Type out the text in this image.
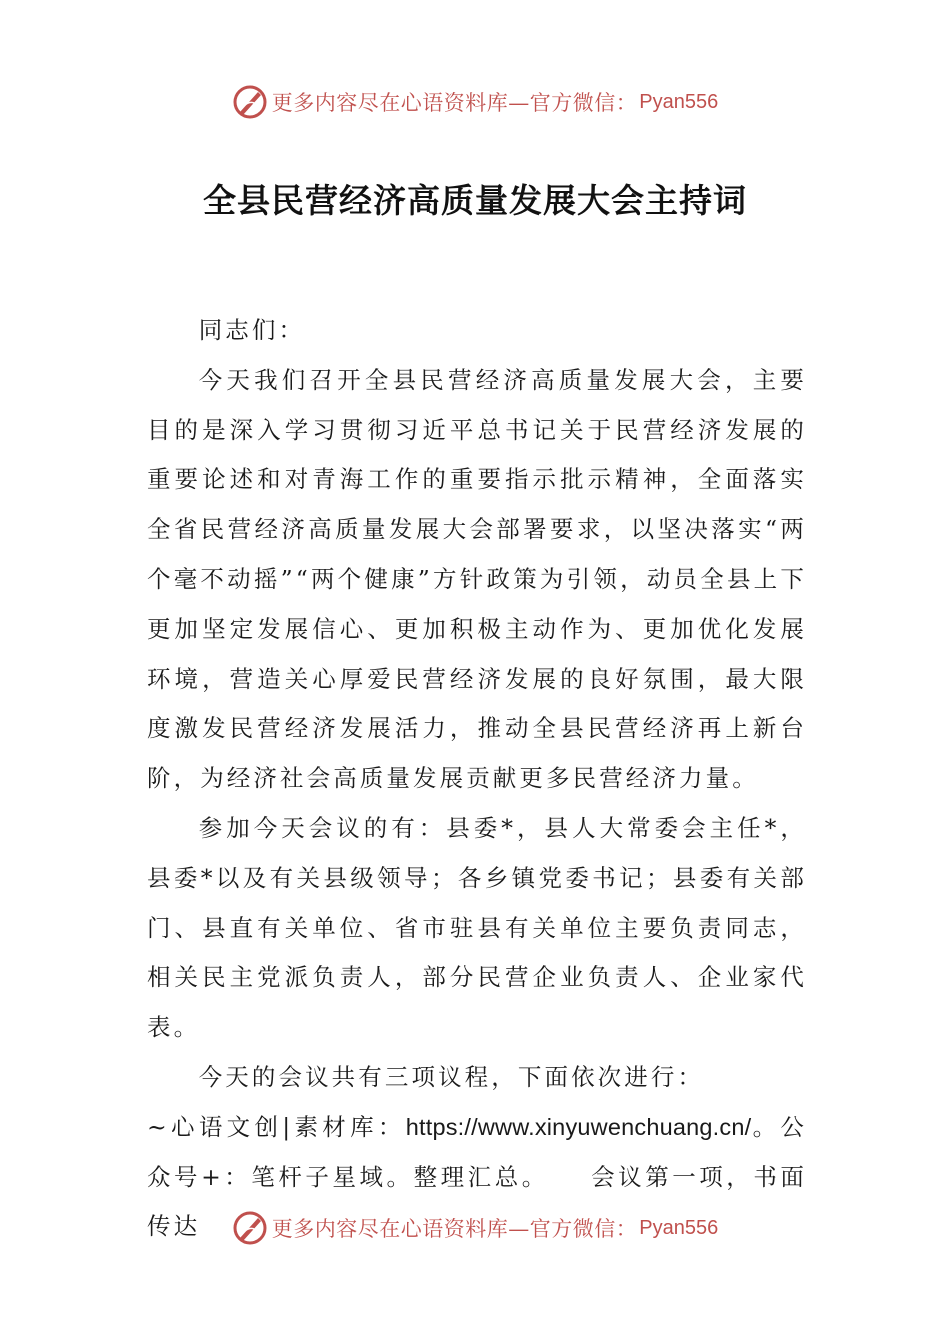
更多内容尽在心语资料库—官方微信： Pyan556
全县民营经济高质量发展大会主持词

同志们：

今天我们召开全县民营经济高质量发展大会，主要目的是深入学习贯彻习近平总书记关于民营经济发展的重要论述和对青海工作的重要指示批示精神，全面落实全省民营经济高质量发展大会部署要求，以坚决落实“两个毫不动摇”“两个健康”方针政策为引领，动员全县上下更加坚定发展信心、更加积极主动作为、更加优化发展环境，营造关心厚爱民营经济发展的良好氛围，最大限度激发民营经济发展活力，推动全县民营经济再上新台阶，为经济社会高质量发展贡献更多民营经济力量。

参加今天会议的有：县委*，县人大常委会主任*，县委*以及有关县级领导；各乡镇党委书记；县委有关部门、县直有关单位、省市驻县有关单位主要负责同志，相关民主党派负责人，部分民营企业负责人、企业家代表。

今天的会议共有三项议程，下面依次进行：

~心语文创|素材库：https://www.xinyuwenchuang.cn/。公众号+：笔杆子星域。整理汇总。　　会议第一项，书面传达	更多内容尽在心语资料库—官方微信： Pyan556
